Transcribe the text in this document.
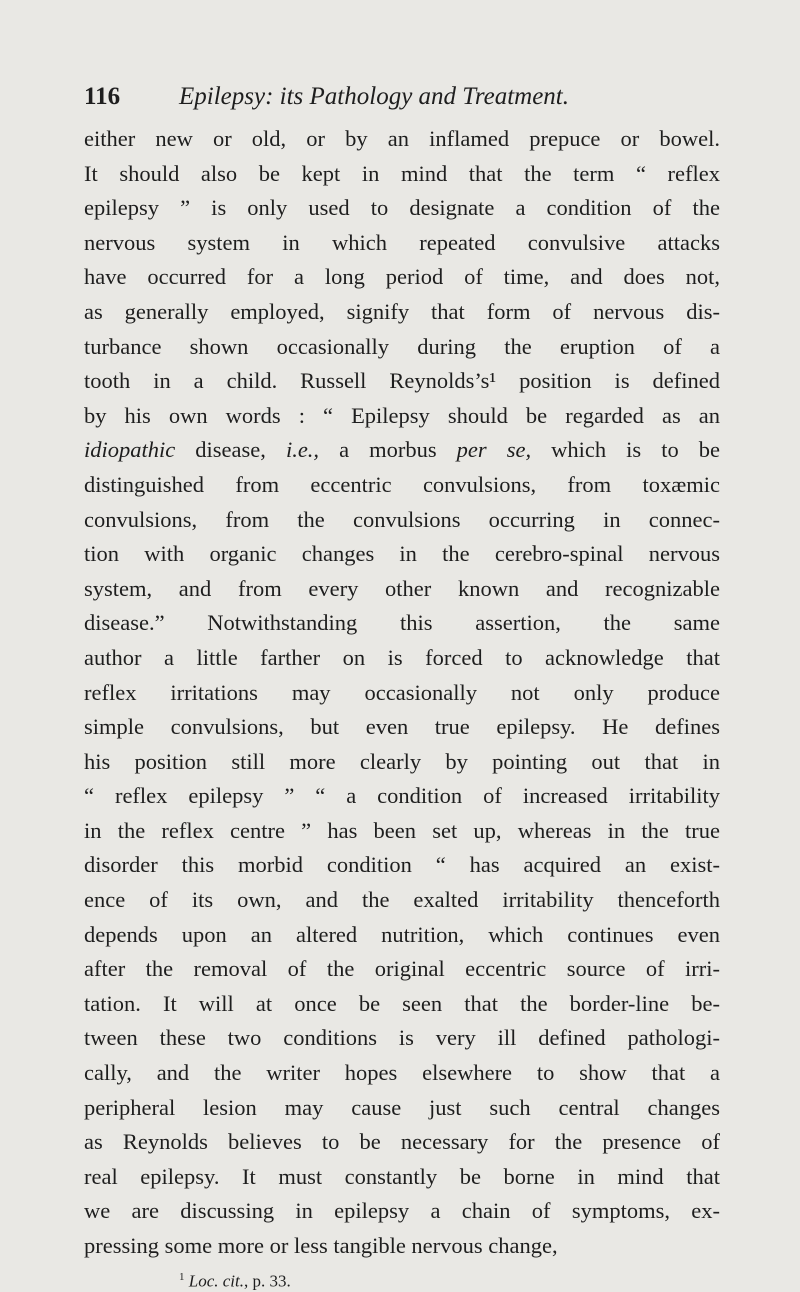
116 Epilepsy: its Pathology and Treatment.
either new or old, or by an inflamed prepuce or bowel.
It should also be kept in mind that the term “ reflex
epilepsy ” is only used to designate a condition of the
nervous system in which repeated convulsive attacks
have occurred for a long period of time, and does not,
as generally employed, signify that form of nervous dis-
turbance shown occasionally during the eruption of a
tooth in a child. Russell Reynolds’s¹ position is defined
by his own words : “ Epilepsy should be regarded as an
idiopathic disease, i.e., a morbus per se, which is to be
distinguished from eccentric convulsions, from toxæmic
convulsions, from the convulsions occurring in connec-
tion with organic changes in the cerebro-spinal nervous
system, and from every other known and recognizable
disease.” Notwithstanding this assertion, the same
author a little farther on is forced to acknowledge that
reflex irritations may occasionally not only produce
simple convulsions, but even true epilepsy. He defines
his position still more clearly by pointing out that in
“ reflex epilepsy ” “ a condition of increased irritability
in the reflex centre ” has been set up, whereas in the true
disorder this morbid condition “ has acquired an exist-
ence of its own, and the exalted irritability thenceforth
depends upon an altered nutrition, which continues even
after the removal of the original eccentric source of irri-
tation. It will at once be seen that the border-line be-
tween these two conditions is very ill defined pathologi-
cally, and the writer hopes elsewhere to show that a
peripheral lesion may cause just such central changes
as Reynolds believes to be necessary for the presence of
real epilepsy. It must constantly be borne in mind that
we are discussing in epilepsy a chain of symptoms, ex-
pressing some more or less tangible nervous change,
$^1$ Loc. cit., p. 33.
